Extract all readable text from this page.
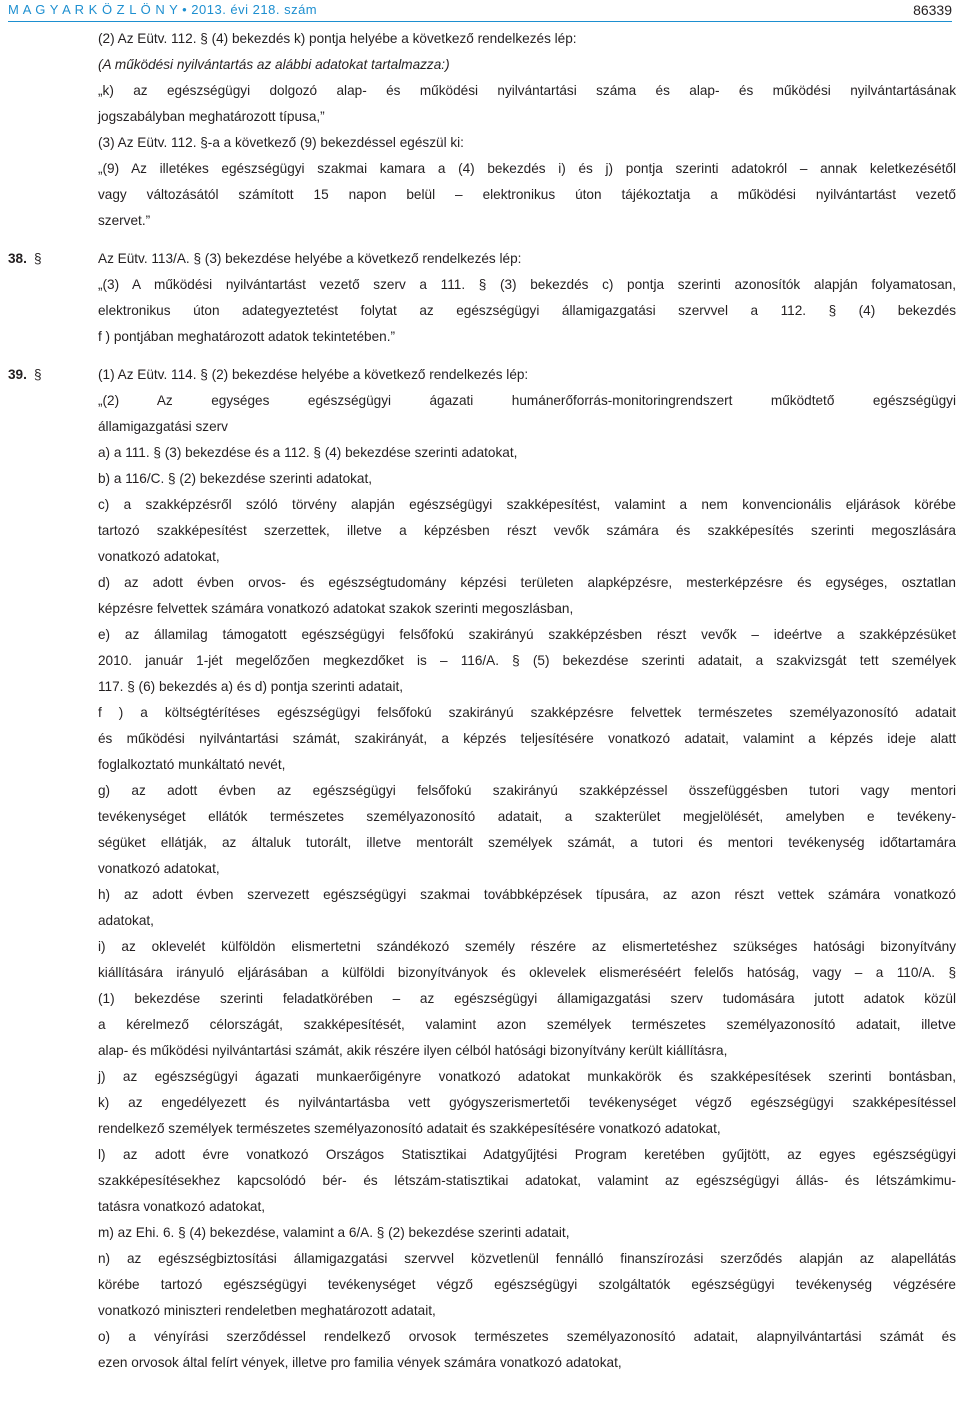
M A G Y A R K Ö Z L Ö N Y • 2013. évi 218. szám	86339
(2) Az Eütv. 112. § (4) bekezdés k) pontja helyébe a következő rendelkezés lép:
(A működési nyilvántartás az alábbi adatokat tartalmazza:)
„k) az egészségügyi dolgozó alap- és működési nyilvántartási száma és alap- és működési nyilvántartásának
jogszabályban meghatározott típusa,”
(3) Az Eütv. 112. §-a a következő (9) bekezdéssel egészül ki:
„(9) Az illetékes egészségügyi szakmai kamara a (4) bekezdés i) és j) pontja szerinti adatokról – annak keletkezésétől
vagy változásától számított 15 napon belül – elektronikus úton tájékoztatja a működési nyilvántartást vezető
szervet.”
38. §	Az Eütv. 113/A. § (3) bekezdése helyébe a következő rendelkezés lép:
„(3) A működési nyilvántartást vezető szerv a 111. § (3) bekezdés c) pontja szerinti azonosítók alapján folyamatosan,
elektronikus úton adategyeztetést folytat az egészségügyi államigazgatási szervvel a 112. § (4) bekezdés
f ) pontjában meghatározott adatok tekintetében.”
39. §	(1) Az Eütv. 114. § (2) bekezdése helyébe a következő rendelkezés lép:
„(2) Az egységes egészségügyi ágazati humánerőforrás-monitoringrendszert működtető egészségügyi
államigazgatási szerv
a) a 111. § (3) bekezdése és a 112. § (4) bekezdése szerinti adatokat,
b) a 116/C. § (2) bekezdése szerinti adatokat,
c) a szakképzésről szóló törvény alapján egészségügyi szakképesítést, valamint a nem konvencionális eljárások körébe
tartozó szakképesítést szerzettek, illetve a képzésben részt vevők számára és szakképesítés szerinti megoszlására
vonatkozó adatokat,
d) az adott évben orvos- és egészségtudomány képzési területen alapképzésre, mesterképzésre és egységes, osztatlan
képzésre felvettek számára vonatkozó adatokat szakok szerinti megoszlásban,
e) az államilag támogatott egészségügyi felsőfokú szakirányú szakképzésben részt vevők – ideértve a szakképzésüket
2010. január 1-jét megelőzően megkezdőket is – 116/A. § (5) bekezdése szerinti adatait, a szakvizsgát tett személyek
117. § (6) bekezdés a) és d) pontja szerinti adatait,
f ) a költségtérítéses egészségügyi felsőfokú szakirányú szakképzésre felvettek természetes személyazonosító adatait
és működési nyilvántartási számát, szakirányát, a képzés teljesítésére vonatkozó adatait, valamint a képzés ideje alatt
foglalkoztató munkáltató nevét,
g) az adott évben az egészségügyi felsőfokú szakirányú szakképzéssel összefüggésben tutori vagy mentori
tevékenységet ellátók természetes személyazonosító adatait, a szakterület megjelölését, amelyben e tevékeny-
ségüket ellátják, az általuk tutorált, illetve mentorált személyek számát, a tutori és mentori tevékenység időtartamára
vonatkozó adatokat,
h) az adott évben szervezett egészségügyi szakmai továbbképzések típusára, az azon részt vettek számára vonatkozó
adatokat,
i) az oklevelét külföldön elismertetni szándékozó személy részére az elismertetéshez szükséges hatósági bizonyítvány
kiállítására irányuló eljárásában a külföldi bizonyítványok és oklevelek elismeréséért felelős hatóság, vagy – a 110/A. §
(1) bekezdése szerinti feladatkörében – az egészségügyi államigazgatási szerv tudomására jutott adatok közül
a kérelmező célországát, szakképesítését, valamint azon személyek természetes személyazonosító adatait, illetve
alap- és működési nyilvántartási számát, akik részére ilyen célból hatósági bizonyítvány került kiállításra,
j) az egészségügyi ágazati munkaerőigényre vonatkozó adatokat munkakörök és szakképesítések szerinti bontásban,
k) az engedélyezett és nyilvántartásba vett gyógyszerismertetői tevékenységet végző egészségügyi szakképesítéssel
rendelkező személyek természetes személyazonosító adatait és szakképesítésére vonatkozó adatokat,
l) az adott évre vonatkozó Országos Statisztikai Adatgyűjtési Program keretében gyűjtött, az egyes egészségügyi
szakképesítésekhez kapcsolódó bér- és létszám-statisztikai adatokat, valamint az egészségügyi állás- és létszámkimu-
tatásra vonatkozó adatokat,
m) az Ehi. 6. § (4) bekezdése, valamint a 6/A. § (2) bekezdése szerinti adatait,
n) az egészségbiztosítási államigazgatási szervvel közvetlenül fennálló finanszírozási szerződés alapján az alapellátás
körébe tartozó egészségügyi tevékenységet végző egészségügyi szolgáltatók egészségügyi tevékenység végzésére
vonatkozó miniszteri rendeletben meghatározott adatait,
o) a vényírási szerződéssel rendelkező orvosok természetes személyazonosító adatait, alapnyilvántartási számát és
ezen orvosok által felírt vények, illetve pro familia vények számára vonatkozó adatokat,
